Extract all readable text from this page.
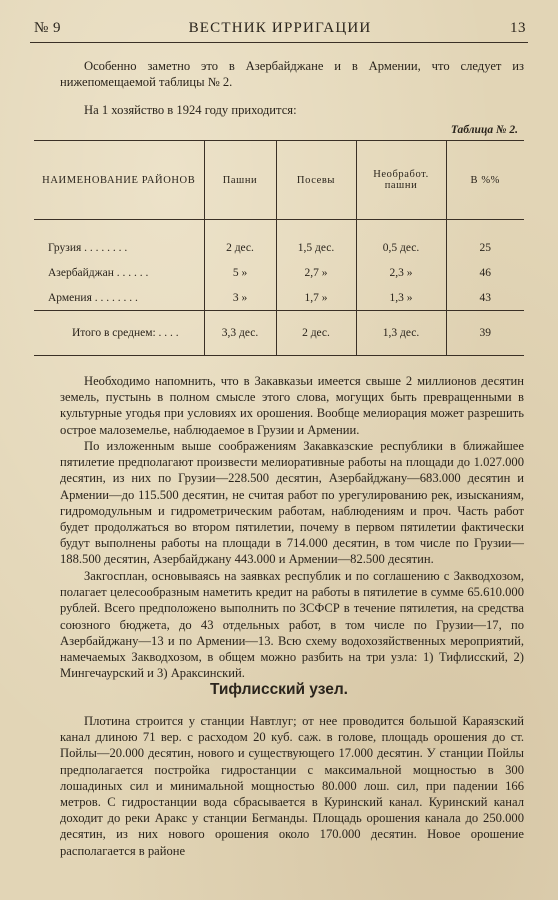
№ 9	ВЕСТНИК ИРРИГАЦИИ	13
Особенно заметно это в Азербайджане и в Армении, что следует из нижепомещаемой таблицы № 2.
На 1 хозяйство в 1924 году приходится:
Таблица № 2.
НАИМЕНОВАНИЕ РАЙОНОВ	Пашни	Посевы	Необработ. пашни	В %%

Грузия . . . . . . . .	2 дес.	1,5 дес.	0,5 дес.	25
Азербайджан . . . . . .	5 »	2,7 »	2,3 »	46
Армения . . . . . . . .	3 »	1,7 »	1,3 »	43
Итого в среднем: . . . .	3,3 дес.	2 дес.	1,3 дес.	39
Необходимо напомнить, что в Закавказьи имеется свыше 2 миллионов десятин земель, пустынь в полном смысле этого слова, могущих быть превращенными в культурные угодья при условиях их орошения. Вообще мелиорация может разрешить острое малоземелье, наблюдаемое в Грузии и Армении.
По изложенным выше соображениям Закавказские республики в ближайшее пятилетие предполагают произвести мелиоративные работы на площади до 1.027.000 десятин, из них по Грузии—228.500 десятин, Азербайджану—683.000 десятин и Армении—до 115.500 десятин, не считая работ по урегулированию рек, изысканиям, гидромодульным и гидрометрическим работам, наблюдениям и проч. Часть работ будет продолжаться во втором пятилетии, почему в первом пятилетии фактически будут выполнены работы на площади в 714.000 десятин, в том числе по Грузии—188.500 десятин, Азербайджану 443.000 и Армении—82.500 десятин.
Закгосплан, основываясь на заявках республик и по соглашению с Закводхозом, полагает целесообразным наметить кредит на работы в пятилетие в сумме 65.610.000 рублей. Всего предположено выполнить по ЗСФСР в течение пятилетия, на средства союзного бюджета, до 43 отдельных работ, в том числе по Грузии—17, по Азербайджану—13 и по Армении—13. Всю схему водохозяйственных мероприятий, намечаемых Закводхозом, в общем можно разбить на три узла: 1) Тифлисский, 2) Мингечаурский и 3) Араксинский.
Тифлисский узел.
Плотина строится у станции Навтлуг; от нее проводится большой Караязский канал длиною 71 вер. с расходом 20 куб. саж. в голове, площадь орошения до ст. Пойлы—20.000 десятин, нового и существующего 17.000 десятин. У станции Пойлы предполагается постройка гидростанции с максимальной мощностью в 300 лошадиных сил и минимальной мощностью 80.000 лош. сил, при падении 166 метров. С гидростанции вода сбрасывается в Куринский канал. Куринский канал доходит до реки Аракс у станции Бегманды. Площадь орошения канала до 250.000 десятин, из них нового орошения около 170.000 десятин. Новое орошение располагается в районе
